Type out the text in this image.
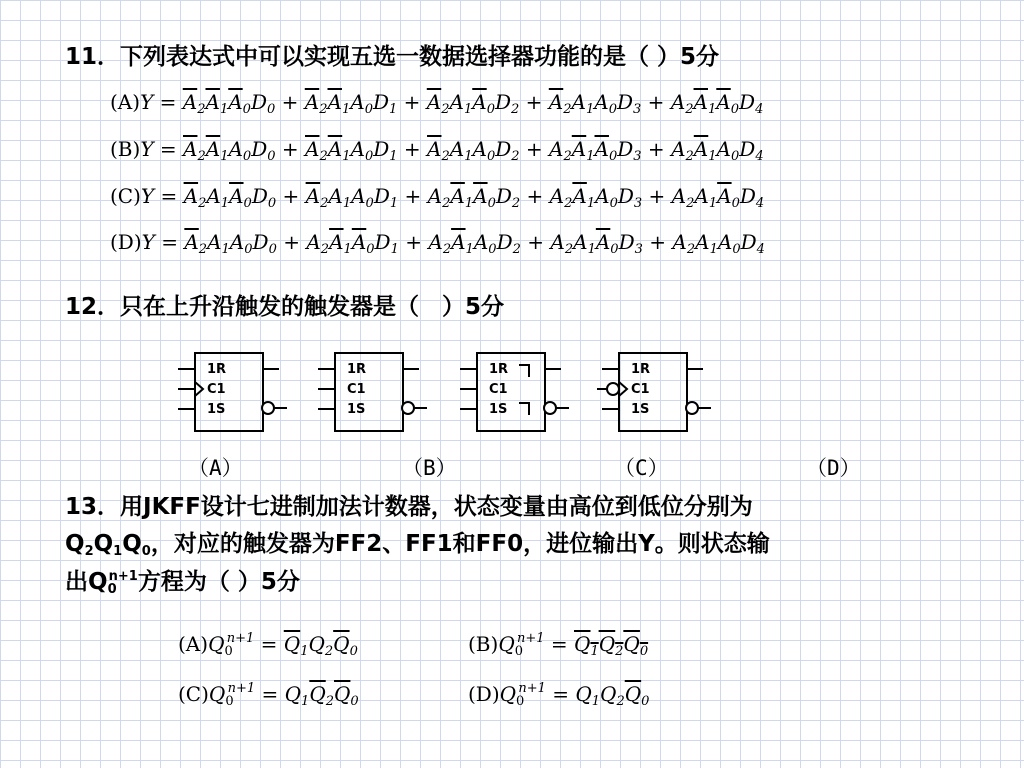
11．下列表达式中可以实现五选一数据选择器功能的是（ ）5分
$(A)Y = \overline{A}_2\overline{A}_1\overline{A}_0D_0 + \overline{A}_2\overline{A}_1A_0D_1 + \overline{A}_2A_1\overline{A}_0D_2 + \overline{A}_2A_1A_0D_3 + A_2\overline{A}_1\overline{A}_0D_4$
$(B)Y = \overline{A}_2\overline{A}_1A_0D_0 + \overline{A}_2\overline{A}_1A_0D_1 + \overline{A}_2A_1A_0D_2 + A_2\overline{A}_1\overline{A}_0D_3 + A_2\overline{A}_1A_0D_4$
$(C)Y = \overline{A}_2A_1\overline{A}_0D_0 + \overline{A}_2A_1A_0D_1 + A_2\overline{A}_1\overline{A}_0D_2 + A_2\overline{A}_1A_0D_3 + A_2A_1\overline{A}_0D_4$
$(D)Y = \overline{A}_2A_1A_0D_0 + A_2\overline{A}_1\overline{A}_0D_1 + A_2\overline{A}_1A_0D_2 + A_2A_1\overline{A}_0D_3 + A_2A_1A_0D_4$
12．只在上升沿触发的触发器是（　）5分
1R
C1
1S
1R
C1
1S
1R
C1
1S
1R
C1
1S
（A）	（B）	（C）	（D）
13．用JKFF设计七进制加法计数器，状态变量由高位到低位分别为
$Q_2Q_1Q_0$，对应的触发器为FF2、FF1和FF0，进位输出Y。则状态输
出$Q_0^{n+1}$方程为（ ）5分
$(A)Q_0^{n+1} = \overline{Q}_1Q_2\overline{Q}_0$	$(B)Q_0^{n+1} = Q_1Q_2Q_0$
$(C)Q_0^{n+1} = Q_1\overline{Q}_2\overline{Q}_0$	$(D)Q_0^{n+1} = Q_1Q_2\overline{Q}_0$
